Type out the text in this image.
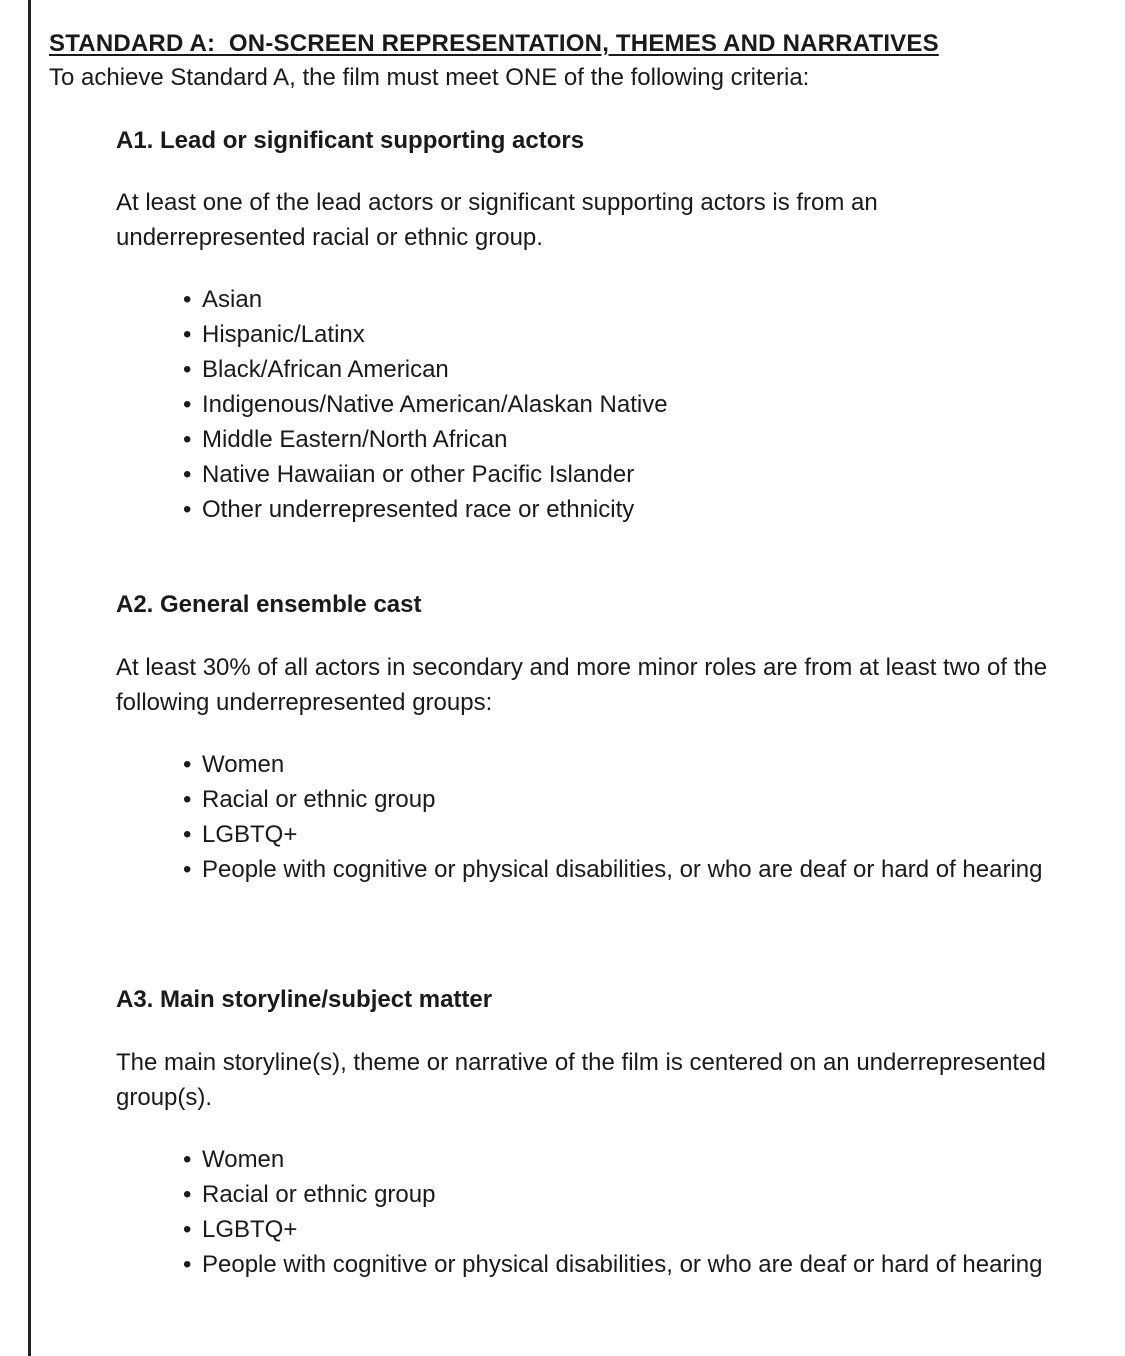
STANDARD A:  ON-SCREEN REPRESENTATION, THEMES AND NARRATIVES

To achieve Standard A, the film must meet ONE of the following criteria:

A1. Lead or significant supporting actors

At least one of the lead actors or significant supporting actors is from an underrepresented racial or ethnic group.

• Asian
• Hispanic/Latinx
• Black/African American
• Indigenous/Native American/Alaskan Native
• Middle Eastern/North African
• Native Hawaiian or other Pacific Islander
• Other underrepresented race or ethnicity
A2. General ensemble cast

At least 30% of all actors in secondary and more minor roles are from at least two of the following underrepresented groups:

• Women
• Racial or ethnic group
• LGBTQ+
• People with cognitive or physical disabilities, or who are deaf or hard of hearing
A3. Main storyline/subject matter

The main storyline(s), theme or narrative of the film is centered on an underrepresented group(s).

• Women
• Racial or ethnic group
• LGBTQ+
• People with cognitive or physical disabilities, or who are deaf or hard of hearing
